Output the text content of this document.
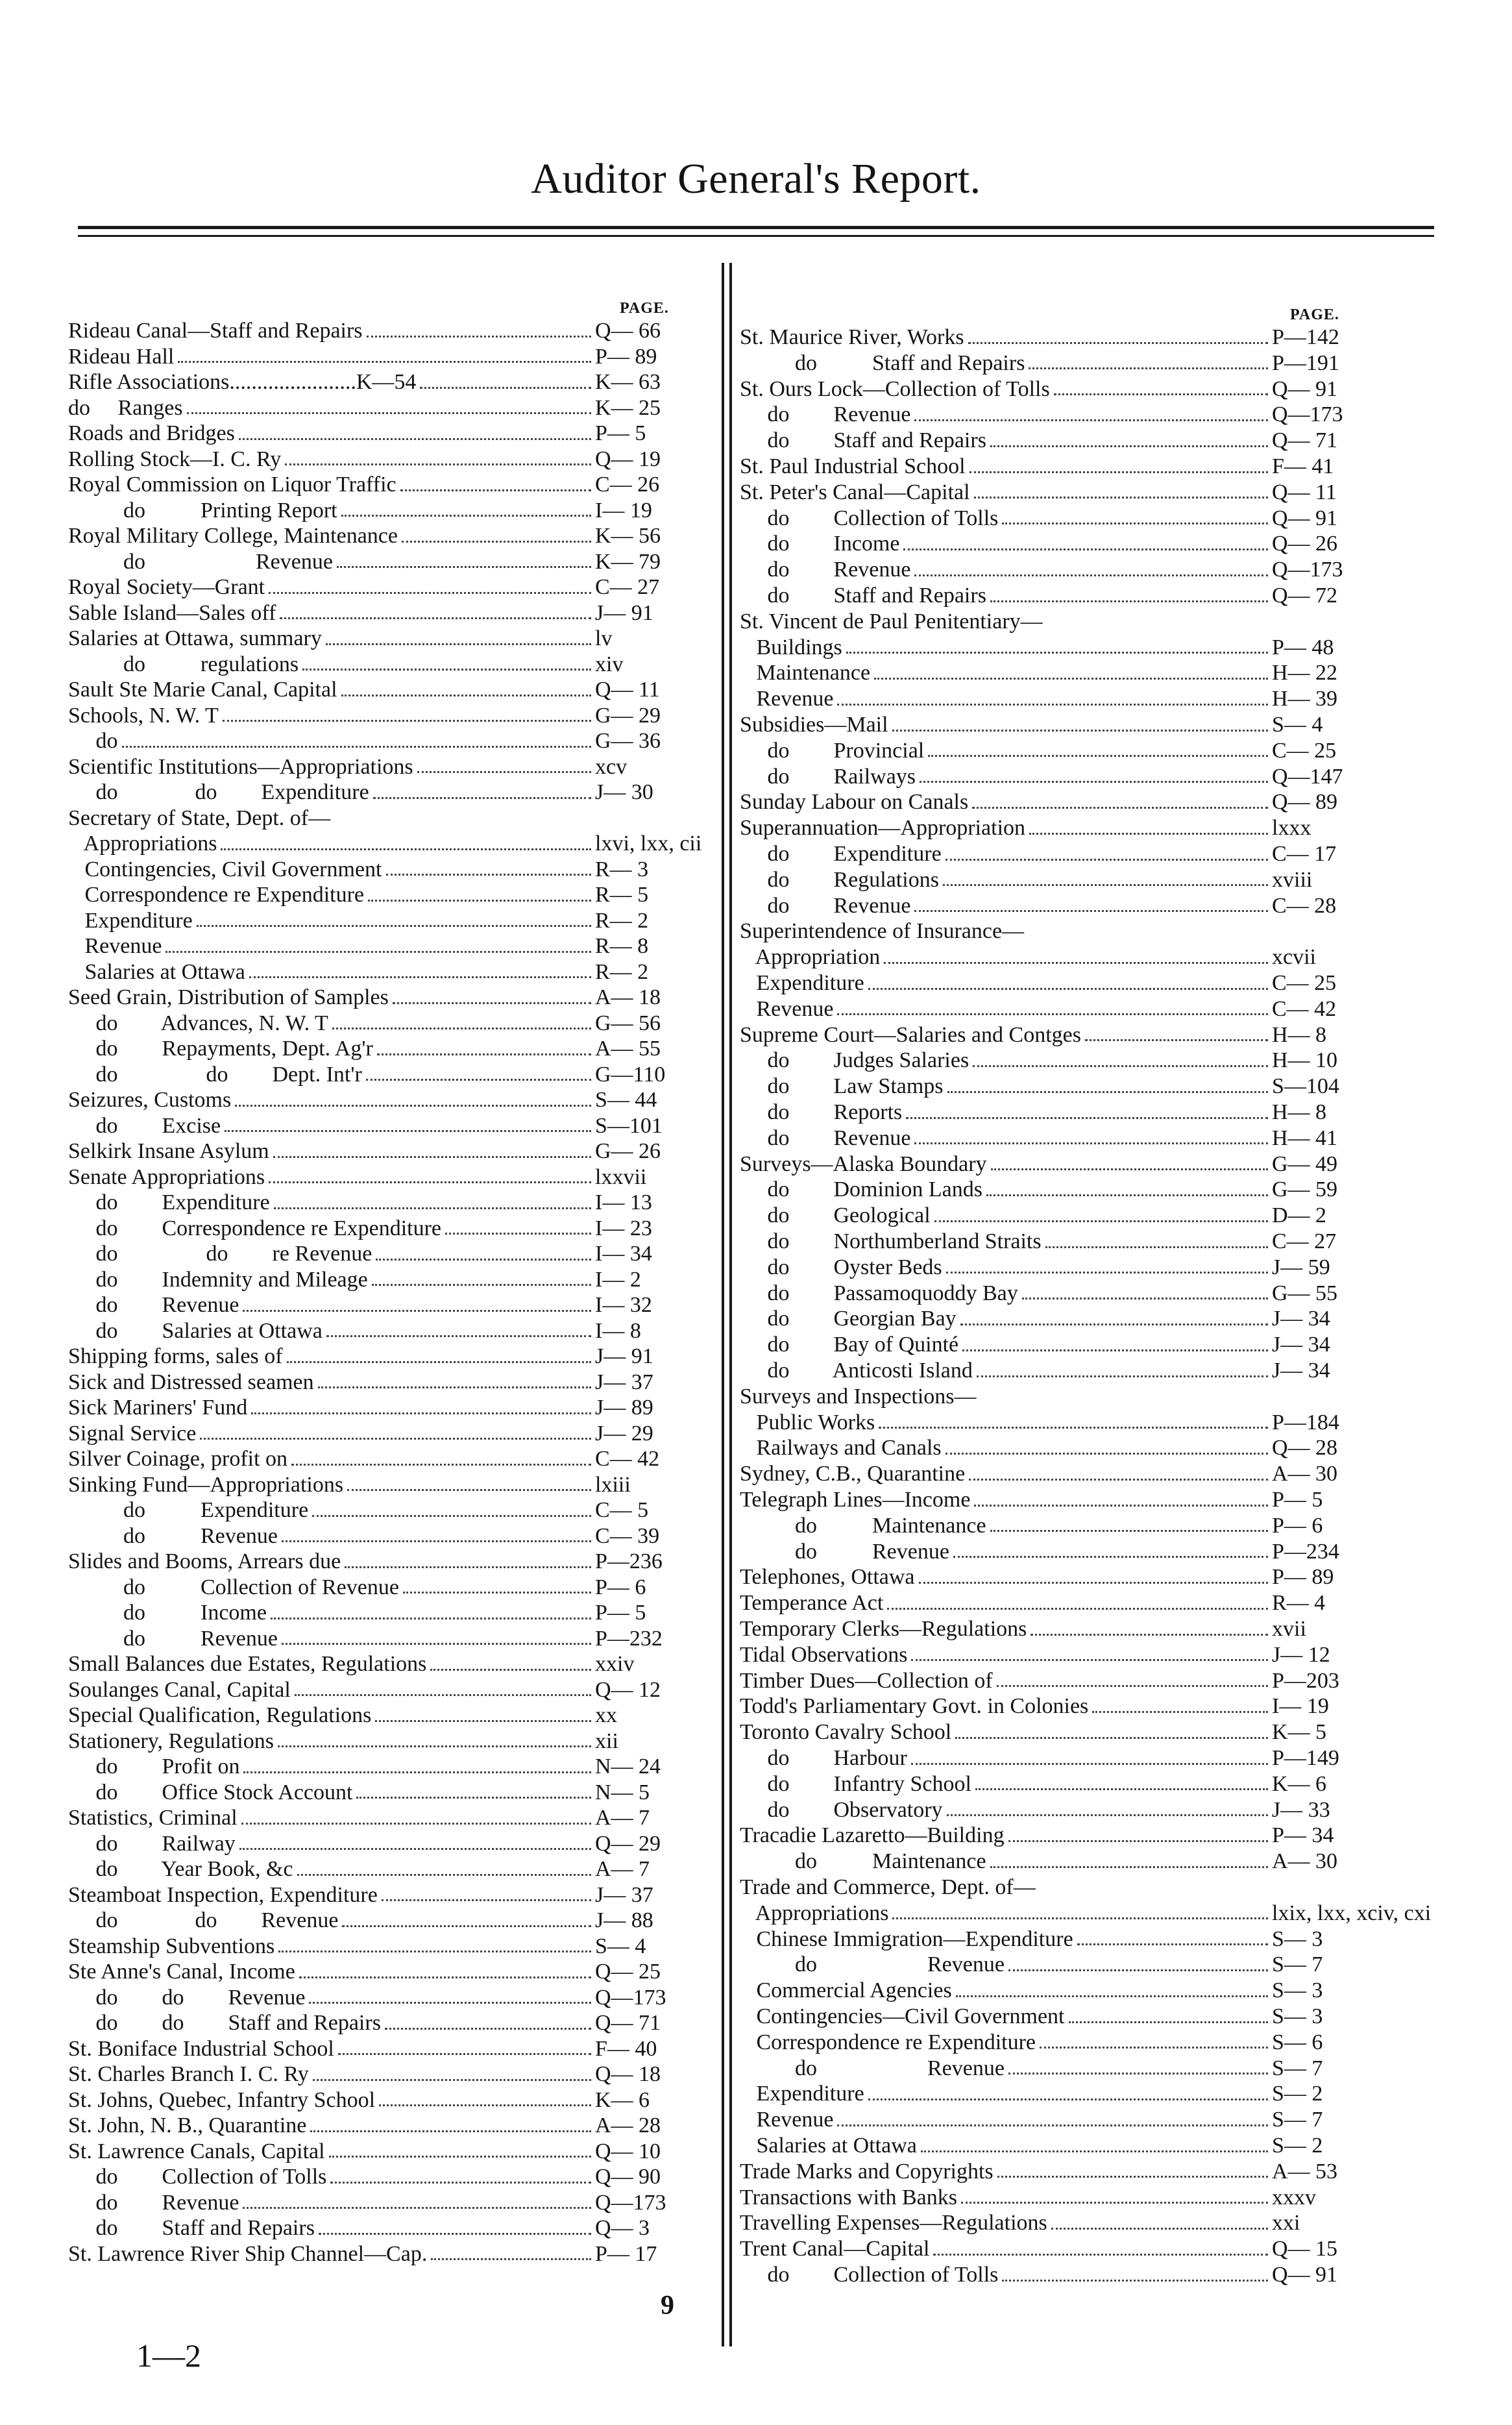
Auditor General's Report.
PAGE.	PAGE.
Rideau Canal—Staff and Repairs	Q— 66
Rideau Hall	P— 89
Rifle Associations.......................K—54	K— 63
do     Ranges	K— 25
Roads and Bridges	P— 5
Rolling Stock—I. C. Ry	Q— 19
Royal Commission on Liquor Traffic	C— 26
do          Printing Report	I— 19
Royal Military College, Maintenance	K— 56
do                    Revenue	K— 79
Royal Society—Grant	C— 27
Sable Island—Sales off	J— 91
Salaries at Ottawa, summary	lv
do          regulations	xiv
Sault Ste Marie Canal, Capital	Q— 11
Schools, N. W. T	G— 29
do	G— 36
Scientific Institutions—Appropriations	xcv
do              do        Expenditure	J— 30
Secretary of State, Dept. of—
Appropriations	lxvi, lxx, cii
Contingencies, Civil Government	R— 3
Correspondence re Expenditure	R— 5
Expenditure	R— 2
Revenue	R— 8
Salaries at Ottawa	R— 2
Seed Grain, Distribution of Samples	A— 18
do        Advances, N. W. T	G— 56
do        Repayments, Dept. Ag'r	A— 55
do                do        Dept. Int'r	G—110
Seizures, Customs	S— 44
do        Excise	S—101
Selkirk Insane Asylum	G— 26
Senate Appropriations	lxxvii
do        Expenditure	I— 13
do        Correspondence re Expenditure	I— 23
do                do        re Revenue	I— 34
do        Indemnity and Mileage	I— 2
do        Revenue	I— 32
do        Salaries at Ottawa	I— 8
Shipping forms, sales of	J— 91
Sick and Distressed seamen	J— 37
Sick Mariners' Fund	J— 89
Signal Service	J— 29
Silver Coinage, profit on	C— 42
Sinking Fund—Appropriations	lxiii
do          Expenditure	C— 5
do          Revenue	C— 39
Slides and Booms, Arrears due	P—236
do          Collection of Revenue	P— 6
do          Income	P— 5
do          Revenue	P—232
Small Balances due Estates, Regulations	xxiv
Soulanges Canal, Capital	Q— 12
Special Qualification, Regulations	xx
Stationery, Regulations	xii
do        Profit on	N— 24
do        Office Stock Account	N— 5
Statistics, Criminal	A— 7
do        Railway	Q— 29
do        Year Book, &c	A— 7
Steamboat Inspection, Expenditure	J— 37
do              do        Revenue	J— 88
Steamship Subventions	S— 4
Ste Anne's Canal, Income	Q— 25
do        do        Revenue	Q—173
do        do        Staff and Repairs	Q— 71
St. Boniface Industrial School	F— 40
St. Charles Branch I. C. Ry	Q— 18
St. Johns, Quebec, Infantry School	K— 6
St. John, N. B., Quarantine	A— 28
St. Lawrence Canals, Capital	Q— 10
do        Collection of Tolls	Q— 90
do        Revenue	Q—173
do        Staff and Repairs	Q— 3
St. Lawrence River Ship Channel—Cap.	P— 17
St. Maurice River, Works	P—142
do          Staff and Repairs	P—191
St. Ours Lock—Collection of Tolls	Q— 91
do        Revenue	Q—173
do        Staff and Repairs	Q— 71
St. Paul Industrial School	F— 41
St. Peter's Canal—Capital	Q— 11
do        Collection of Tolls	Q— 91
do        Income	Q— 26
do        Revenue	Q—173
do        Staff and Repairs	Q— 72
St. Vincent de Paul Penitentiary—
Buildings	P— 48
Maintenance	H— 22
Revenue	H— 39
Subsidies—Mail	S— 4
do        Provincial	C— 25
do        Railways	Q—147
Sunday Labour on Canals	Q— 89
Superannuation—Appropriation	lxxx
do        Expenditure	C— 17
do        Regulations	xviii
do        Revenue	C— 28
Superintendence of Insurance—
Appropriation	xcvii
Expenditure	C— 25
Revenue	C— 42
Supreme Court—Salaries and Contges	H— 8
do        Judges Salaries	H— 10
do        Law Stamps	S—104
do        Reports	H— 8
do        Revenue	H— 41
Surveys—Alaska Boundary	G— 49
do        Dominion Lands	G— 59
do        Geological	D— 2
do        Northumberland Straits	C— 27
do        Oyster Beds	J— 59
do        Passamoquoddy Bay	G— 55
do        Georgian Bay	J— 34
do        Bay of Quinté	J— 34
do        Anticosti Island	J— 34
Surveys and Inspections—
Public Works	P—184
Railways and Canals	Q— 28
Sydney, C.B., Quarantine	A— 30
Telegraph Lines—Income	P— 5
do          Maintenance	P— 6
do          Revenue	P—234
Telephones, Ottawa	P— 89
Temperance Act	R— 4
Temporary Clerks—Regulations	xvii
Tidal Observations	J— 12
Timber Dues—Collection of	P—203
Todd's Parliamentary Govt. in Colonies	I— 19
Toronto Cavalry School	K— 5
do        Harbour	P—149
do        Infantry School	K— 6
do        Observatory	J— 33
Tracadie Lazaretto—Building	P— 34
do          Maintenance	A— 30
Trade and Commerce, Dept. of—
Appropriations	lxix, lxx, xciv, cxi
Chinese Immigration—Expenditure	S— 3
do                    Revenue	S— 7
Commercial Agencies	S— 3
Contingencies—Civil Government	S— 3
Correspondence re Expenditure	S— 6
do                    Revenue	S— 7
Expenditure	S— 2
Revenue	S— 7
Salaries at Ottawa	S— 2
Trade Marks and Copyrights	A— 53
Transactions with Banks	xxxv
Travelling Expenses—Regulations	xxi
Trent Canal—Capital	Q— 15
do        Collection of Tolls	Q— 91
9
1—2
